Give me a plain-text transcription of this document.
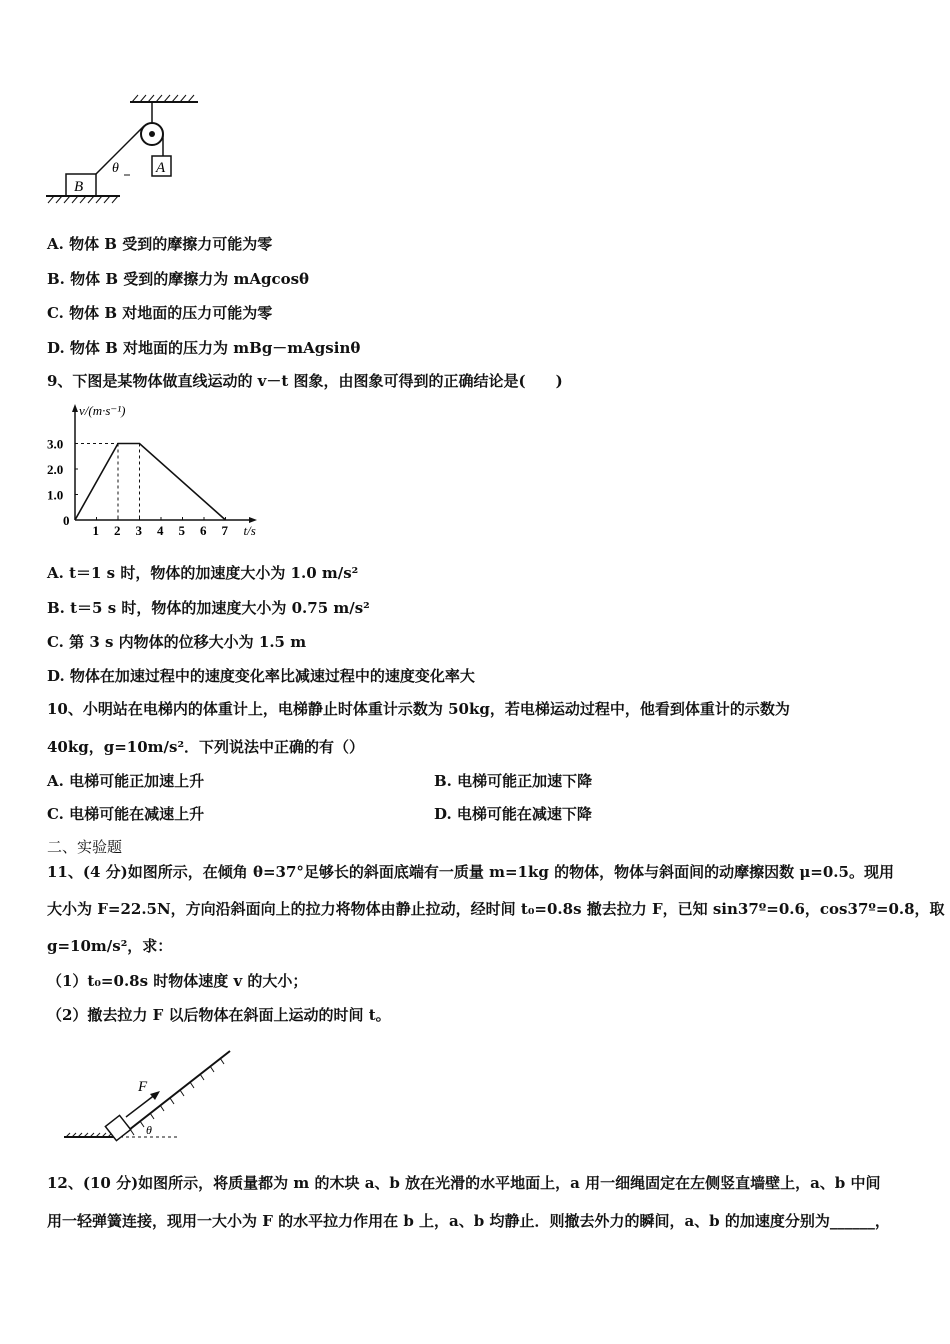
A
B
θ
A. 物体 B 受到的摩擦力可能为零
B. 物体 B 受到的摩擦力为 mAgcosθ
C. 物体 B 对地面的压力可能为零
D. 物体 B 对地面的压力为 mBg－mAgsinθ
9、下图是某物体做直线运动的 v－t 图象，由图象可得到的正确结论是(　　)
v/(m·s⁻¹)
t/s
0
1 2 3 4 5 6 7
1.0
2.0
3.0
A. t＝1 s 时，物体的加速度大小为 1.0 m/s²
B. t＝5 s 时，物体的加速度大小为 0.75 m/s²
C. 第 3 s 内物体的位移大小为 1.5 m
D. 物体在加速过程中的速度变化率比减速过程中的速度变化率大
10、小明站在电梯内的体重计上，电梯静止时体重计示数为 50kg，若电梯运动过程中，他看到体重计的示数为
40kg，g=10m/s²．下列说法中正确的有（）
A. 电梯可能正加速上升	B. 电梯可能正加速下降
C. 电梯可能在减速上升	D. 电梯可能在减速下降
二、实验题
11、(4 分)如图所示，在倾角 θ=37°足够长的斜面底端有一质量 m=1kg 的物体，物体与斜面间的动摩擦因数 μ=0.5。现用
大小为 F=22.5N，方向沿斜面向上的拉力将物体由静止拉动，经时间 t₀=0.8s 撤去拉力 F，已知 sin37º=0.6，cos37º=0.8，取
g=10m/s²，求：
（1）t₀=0.8s 时物体速度 v 的大小；
（2）撤去拉力 F 以后物体在斜面上运动的时间 t。
F
θ
12、(10 分)如图所示，将质量都为 m 的木块 a、b 放在光滑的水平地面上，a 用一细绳固定在左侧竖直墙壁上，a、b 中间
用一轻弹簧连接，现用一大小为 F 的水平拉力作用在 b 上，a、b 均静止．则撤去外力的瞬间，a、b 的加速度分别为______，
